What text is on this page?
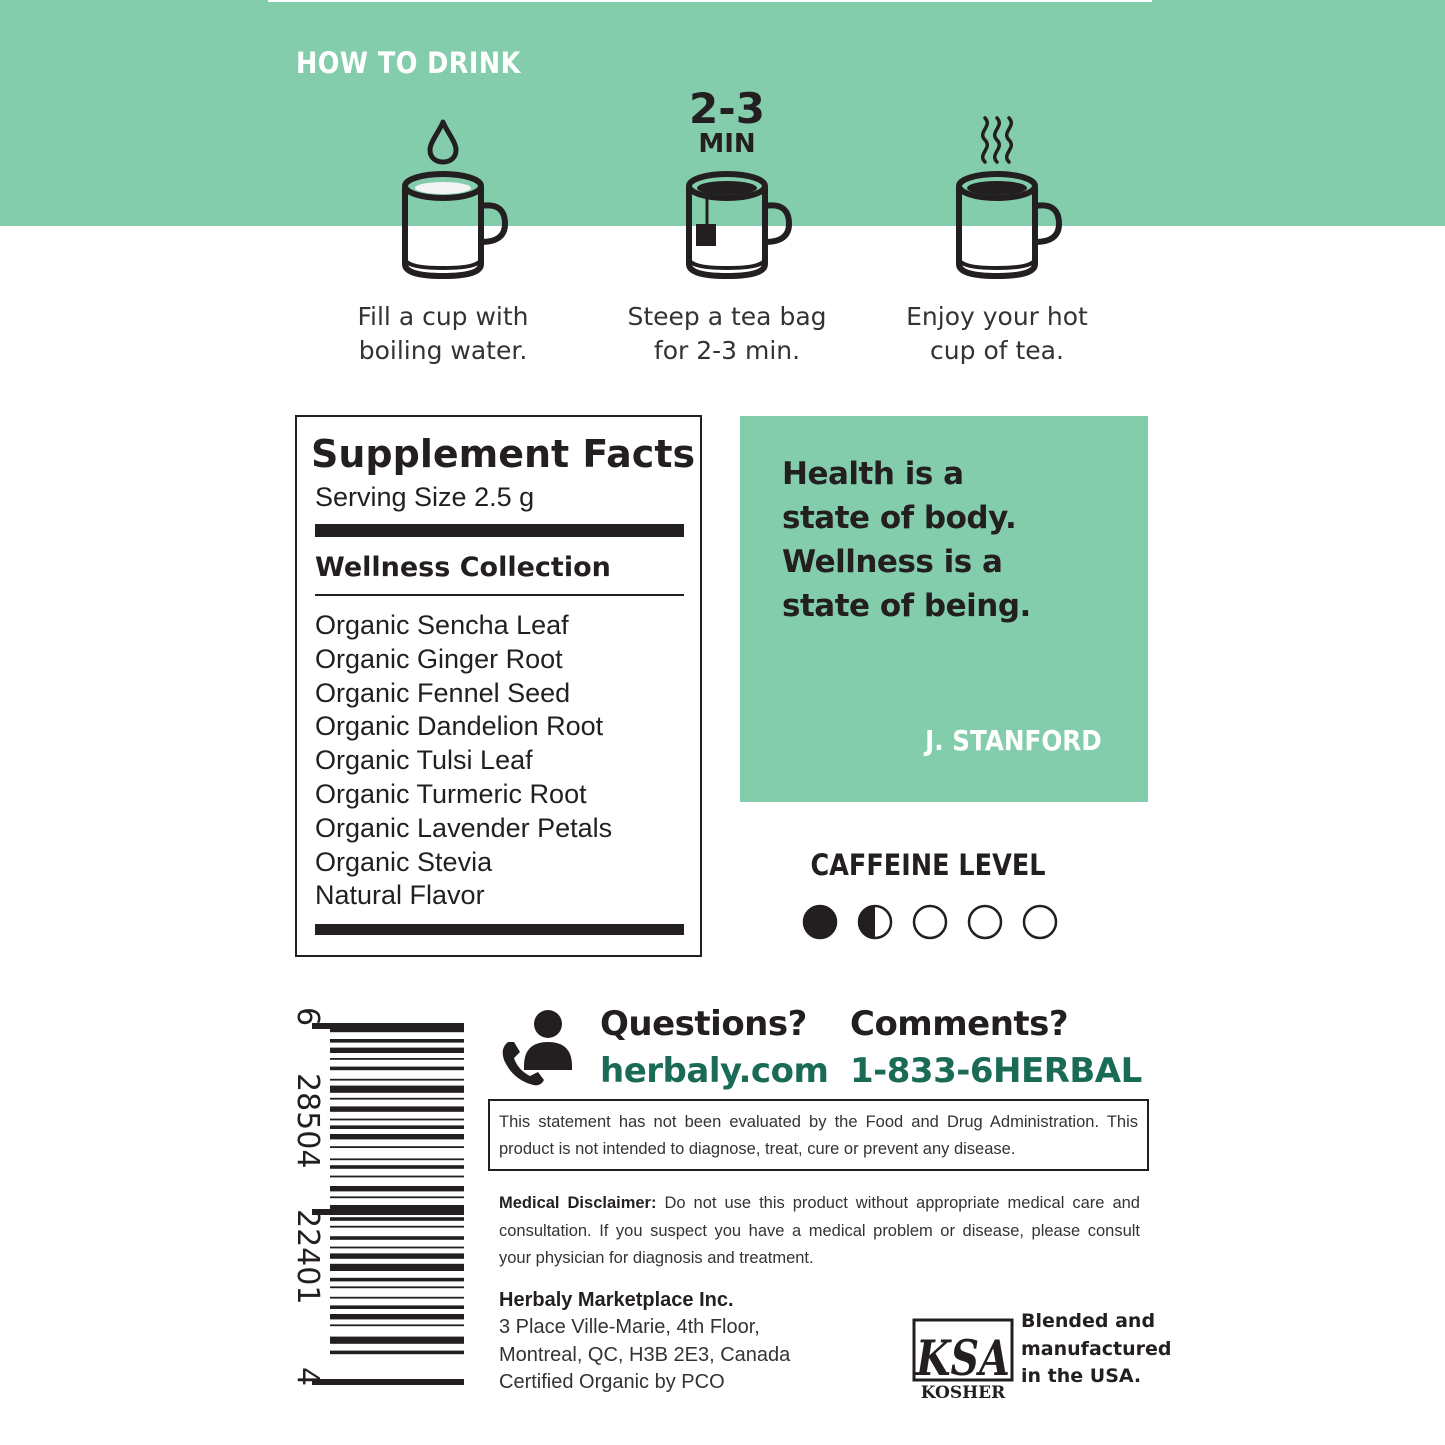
HOW TO DRINK
Fill a cup with
boiling water.
2-3
MIN
Steep a tea bag
for 2-3 min.
Enjoy your hot
cup of tea.
Supplement Facts
Serving Size 2.5 g
Wellness Collection
Organic Sencha Leaf
Organic Ginger Root
Organic Fennel Seed
Organic Dandelion Root
Organic Tulsi Leaf
Organic Turmeric Root
Organic Lavender Petals
Organic Stevia
Natural Flavor
Health is a
state of body.
Wellness is a
state of being.
J. STANFORD
CAFFEINE LEVEL
6
28504
22401
4
Questions? Comments?
herbaly.com 1-833-6HERBAL
This statement has not been evaluated by the Food and Drug Administration. This product is not intended to diagnose, treat, cure or prevent any disease.
Medical Disclaimer: Do not use this product without appropriate medical care and consultation. If you suspect you have a medical problem or disease, please consult your physician for diagnosis and treatment.
Herbaly Marketplace Inc.
3 Place Ville-Marie, 4th Floor,
Montreal, QC, H3B 2E3, Canada
Certified Organic by PCO	KSA
KOSHER
Blended and
manufactured
in the USA.
